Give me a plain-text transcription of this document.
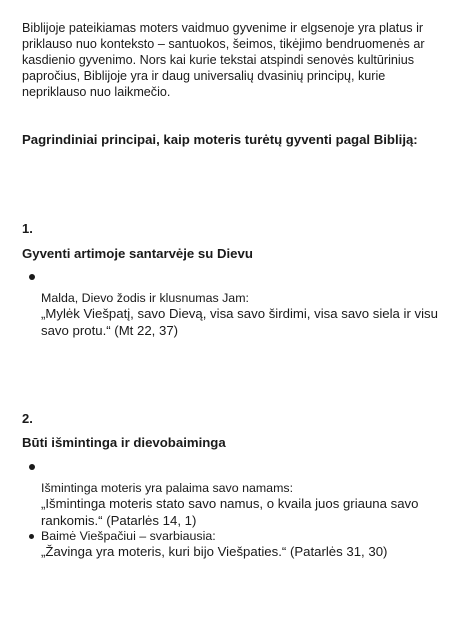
Biblijoje pateikiamas moters vaidmuo gyvenime ir elgsenoje yra platus ir priklauso nuo konteksto – santuokos, šeimos, tikėjimo bendruomenės ar kasdienio gyvenimo. Nors kai kurie tekstai atspindi senovės kultūrinius papročius, Biblijoje yra ir daug universalių dvasinių principų, kurie nepriklauso nuo laikmečio.

Pagrindiniai principai, kaip moteris turėtų gyventi pagal Bibliją:

1.

Gyventi artimoje santarvėje su Dievu

Malda, Dievo žodis ir klusnumas Jam:

„Mylėk Viešpatį, savo Dievą, visa savo širdimi, visa savo siela ir visu savo protu.“ (Mt 22, 37)

2.

Būti išmintinga ir dievobaiminga

Išmintinga moteris yra palaima savo namams:

„Išmintinga moteris stato savo namus, o kvaila juos griauna savo rankomis.“ (Patarlės 14, 1)

Baimė Viešpačiui – svarbiausia:

„Žavinga yra moteris, kuri bijo Viešpaties.“ (Patarlės 31, 30)
